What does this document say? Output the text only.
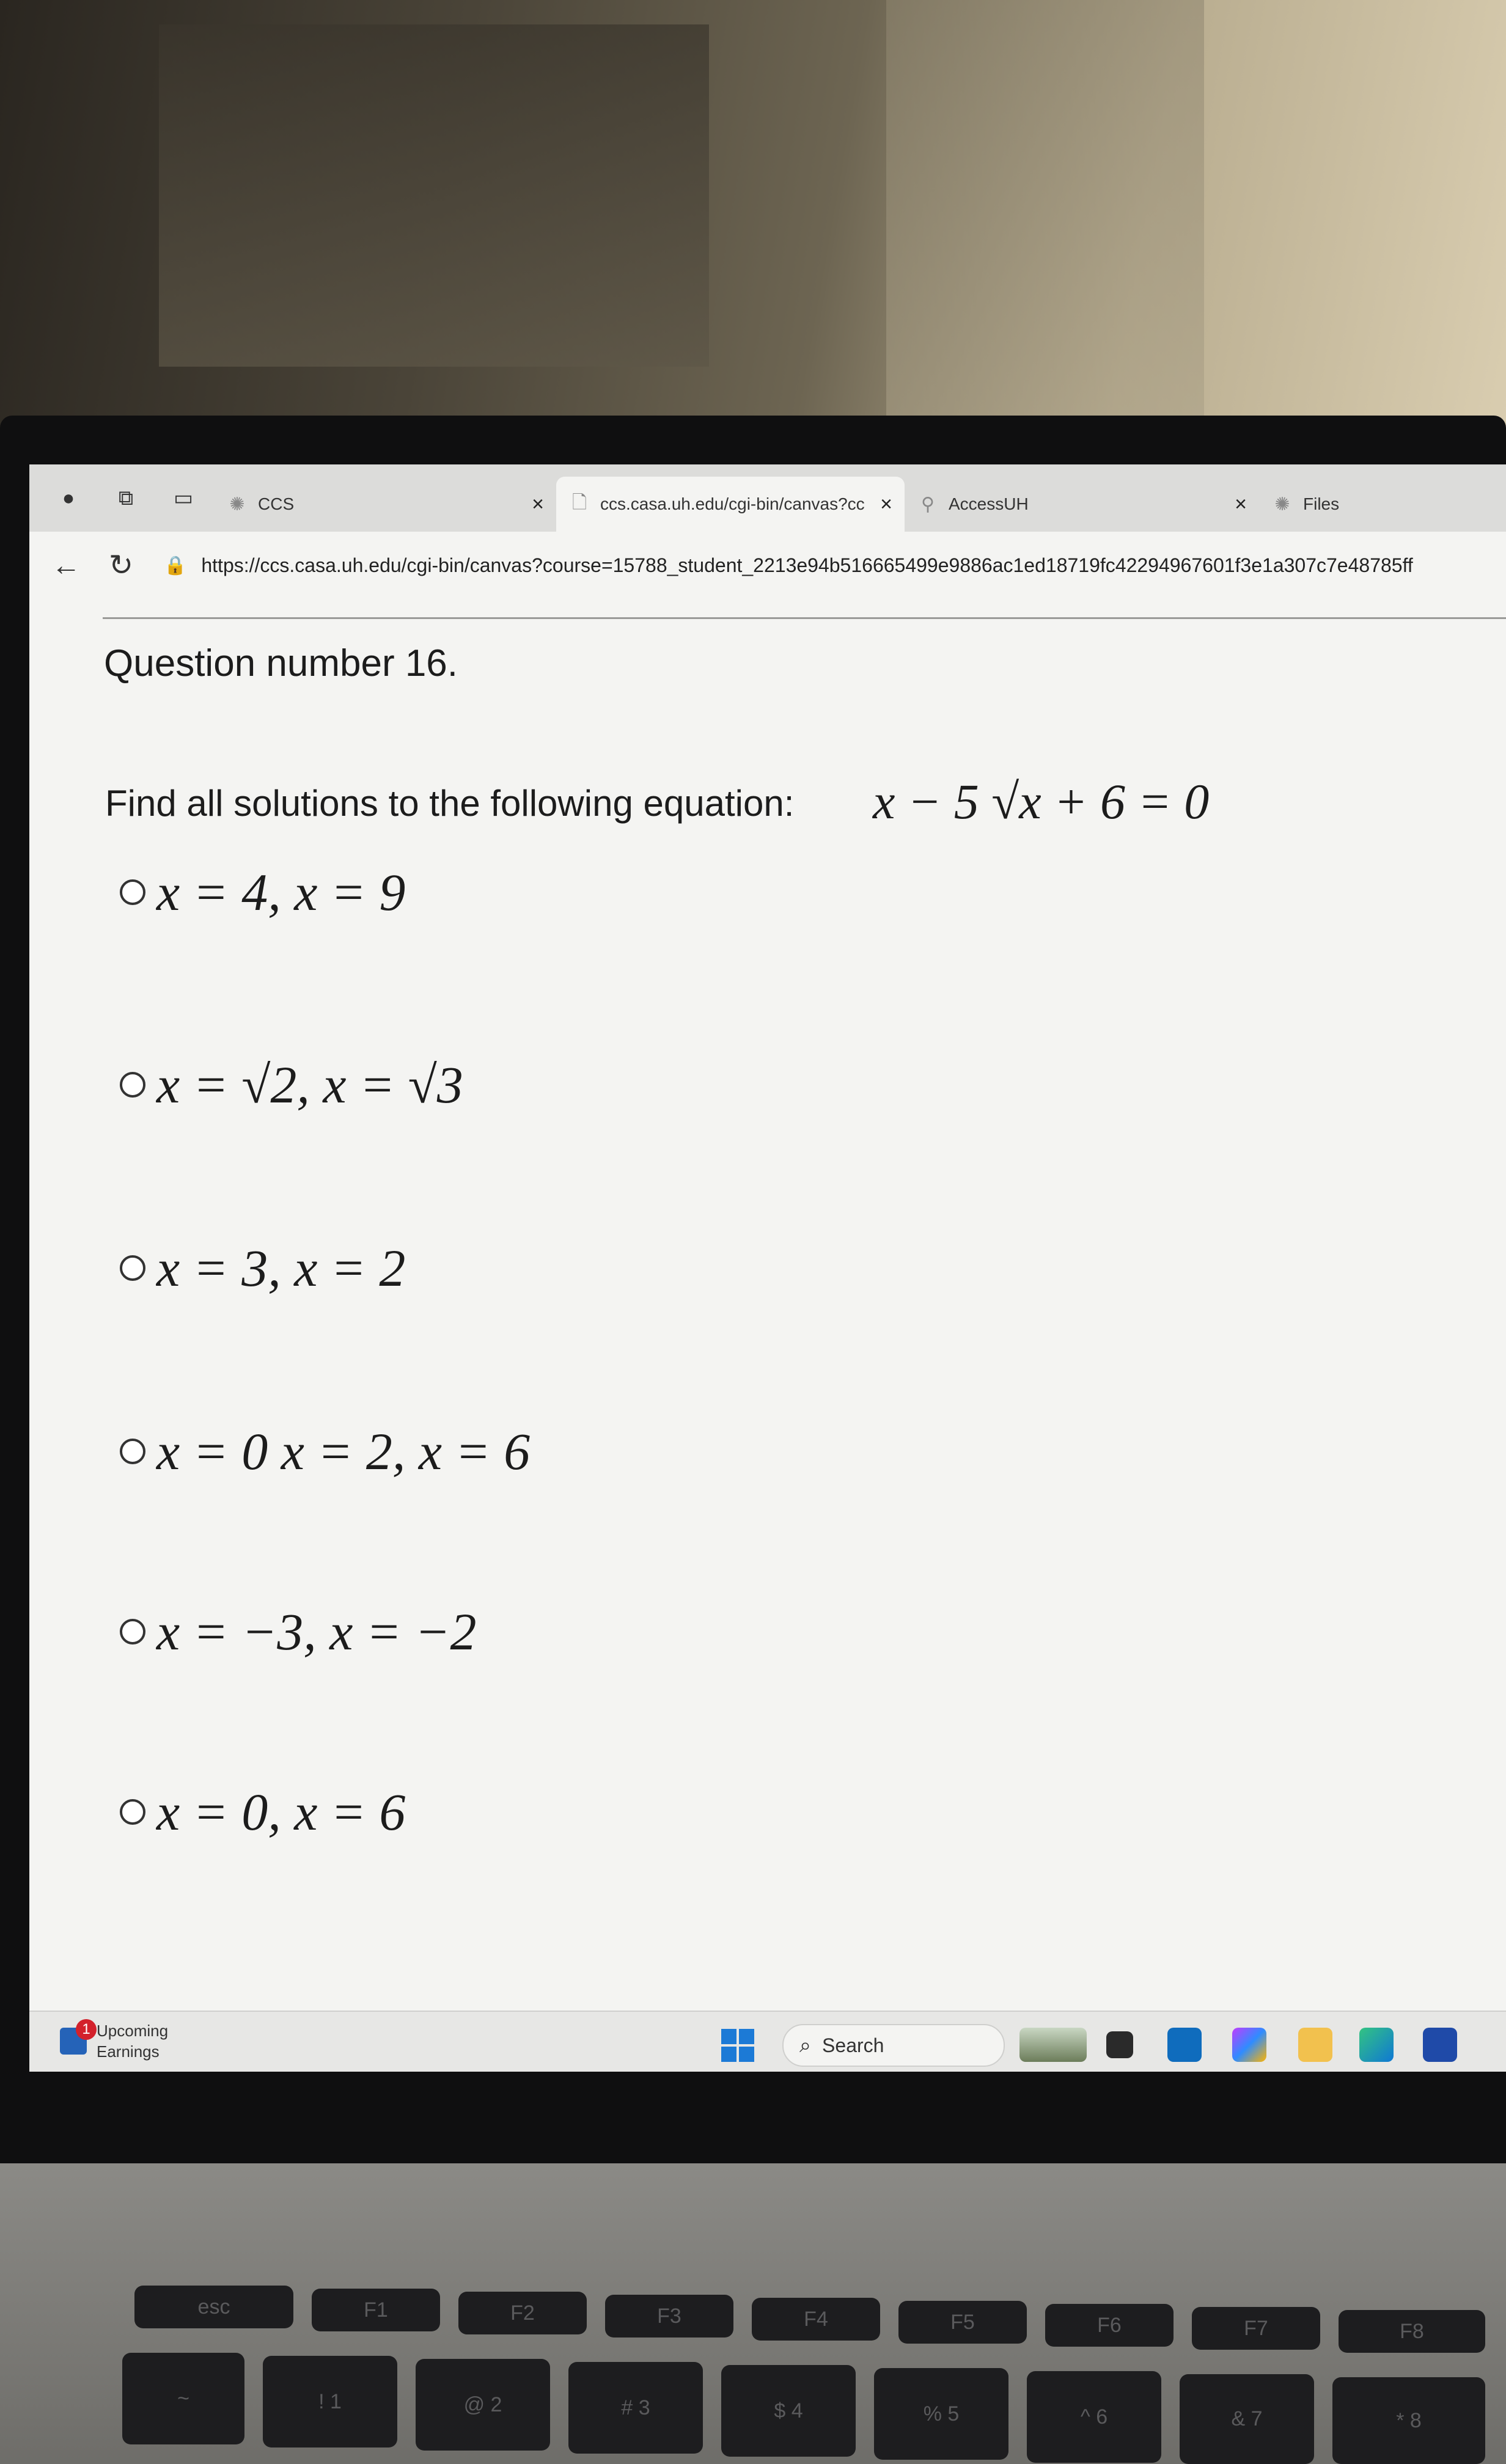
●	⧉	▭	✺ CCS	× 🗋 ccs.casa.uh.edu/cgi-bin/canvas?cc × ⚲ AccessUH	× ✺ Files
← ↻	🔒 https://ccs.casa.uh.edu/cgi-bin/canvas?course=15788_student_2213e94b516665499e9886ac1ed18719fc42294967601f3e1a307c7e48785ff
Question number 16.
Find all solutions to the following equation: x − 5 √x + 6 = 0
x = 4, x = 9
x = √2, x = √3
x = 3, x = 2
x = 0 x = 2, x = 6
x = −3, x = −2
x = 0, x = 6
1 Upcoming
Earnings	⌕ Search
esc	F1	F2	F3	F4	F5	F6	F7	F8
~	! 1	@ 2	# 3	$ 4	% 5	^ 6	& 7	* 8
